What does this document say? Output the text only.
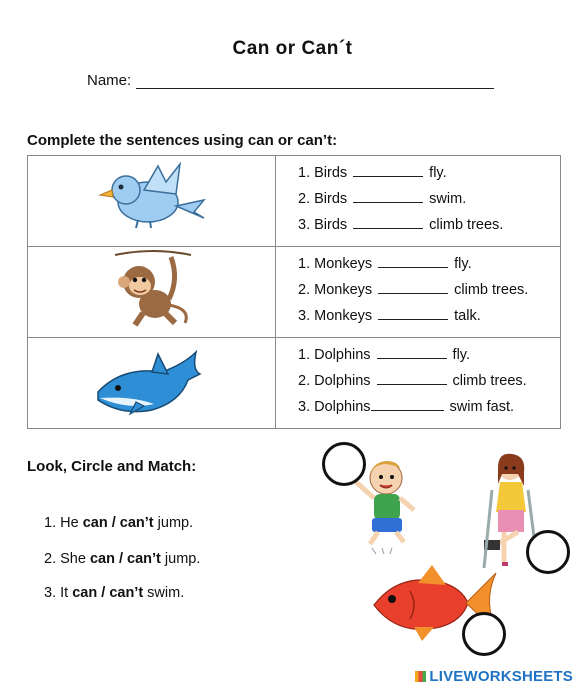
Can or Can´t
Name:
Complete the sentences using can or can’t:

1. Birds fly.
2. Birds swim.
3. Birds climb trees.

1. Monkeys fly.
2. Monkeys climb trees.
3. Monkeys talk.

1. Dolphins fly.
2. Dolphins climb trees.
3. Dolphins swim fast.
Look, Circle and Match:
1. He can / can’t jump.
2. She can / can’t jump.
3. It can / can’t swim.
LIVEWORKSHEETS
